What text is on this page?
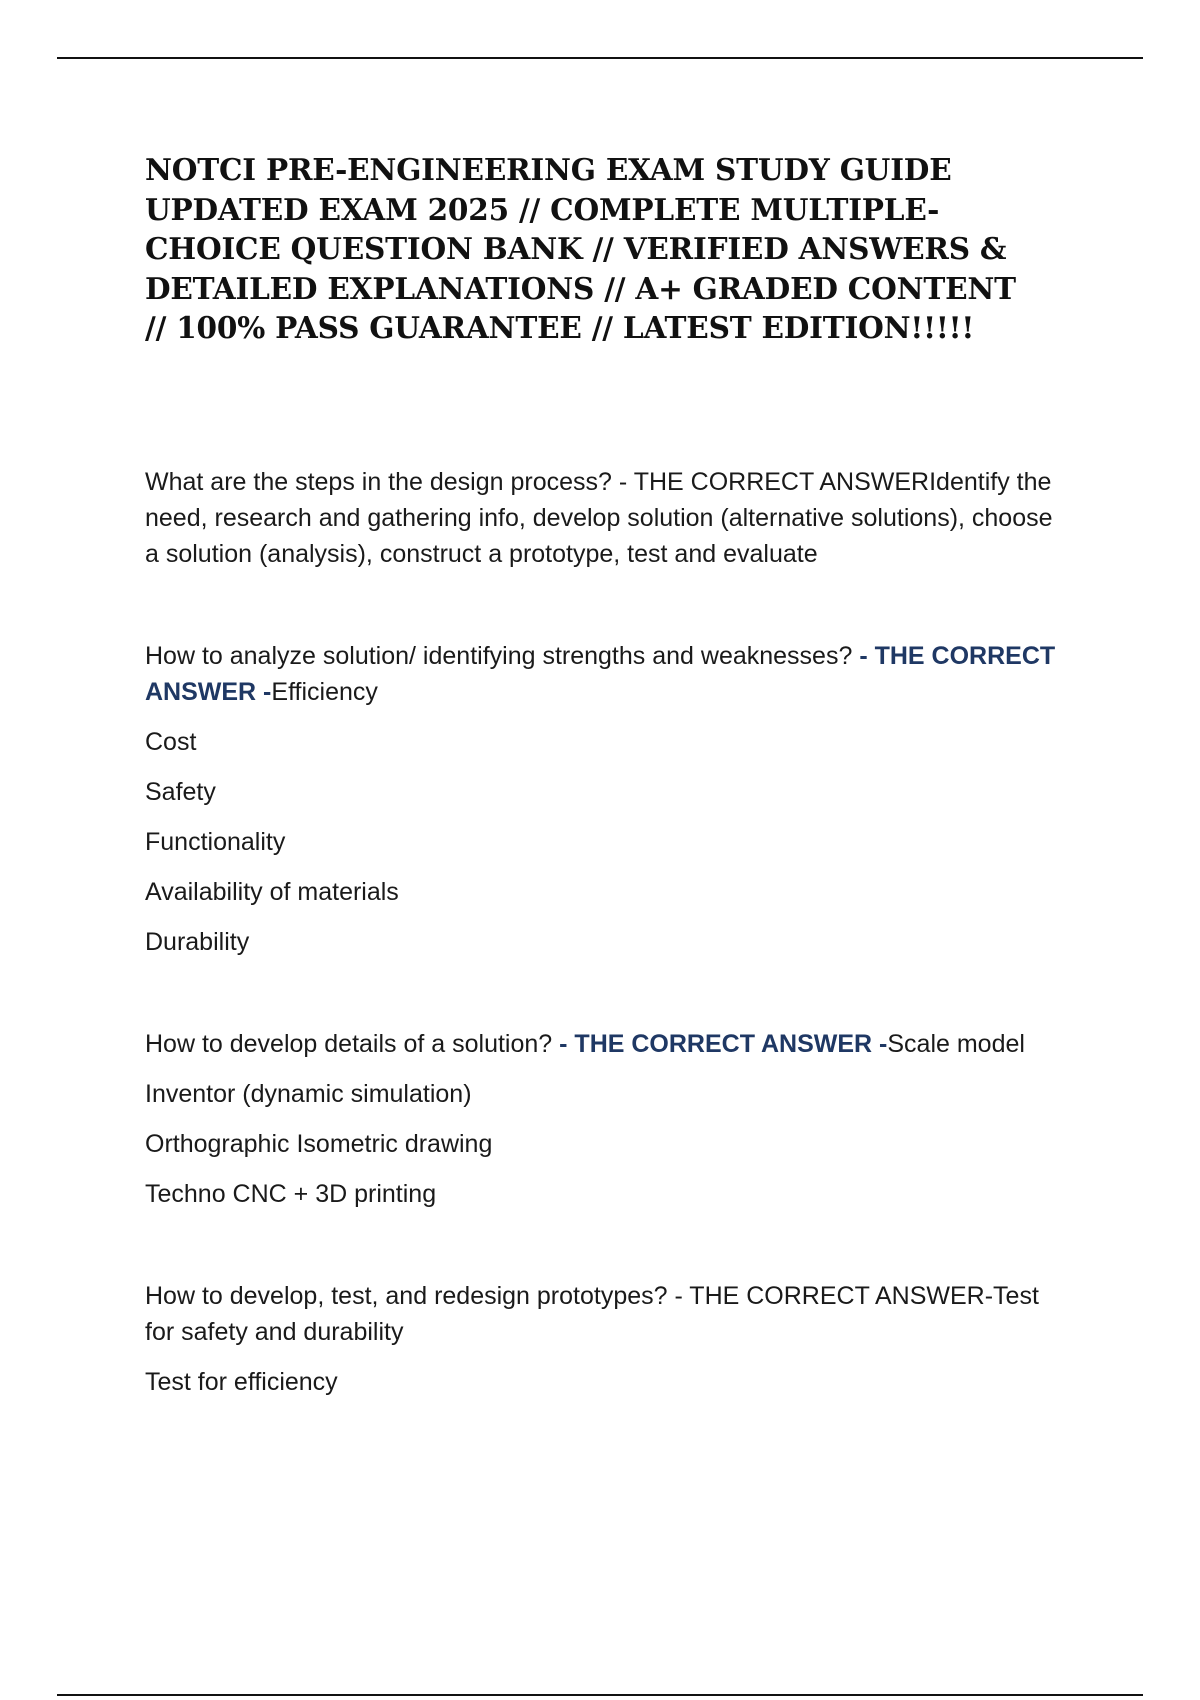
NOTCI PRE-ENGINEERING EXAM STUDY GUIDE
UPDATED EXAM 2025 // COMPLETE MULTIPLE-
CHOICE QUESTION BANK // VERIFIED ANSWERS &
DETAILED EXPLANATIONS // A+ GRADED CONTENT
// 100% PASS GUARANTEE // LATEST EDITION!!!!!

What are the steps in the design process? - THE CORRECT ANSWERIdentify the need, research and gathering info, develop solution (alternative solutions), choose a solution (analysis), construct a prototype, test and evaluate

How to analyze solution/ identifying strengths and weaknesses? - THE CORRECT ANSWER -Efficiency

Cost

Safety

Functionality

Availability of materials

Durability

How to develop details of a solution? - THE CORRECT ANSWER -Scale model

Inventor (dynamic simulation)

Orthographic Isometric drawing

Techno CNC + 3D printing

How to develop, test, and redesign prototypes? - THE CORRECT ANSWER-Test for safety and durability

Test for efficiency
